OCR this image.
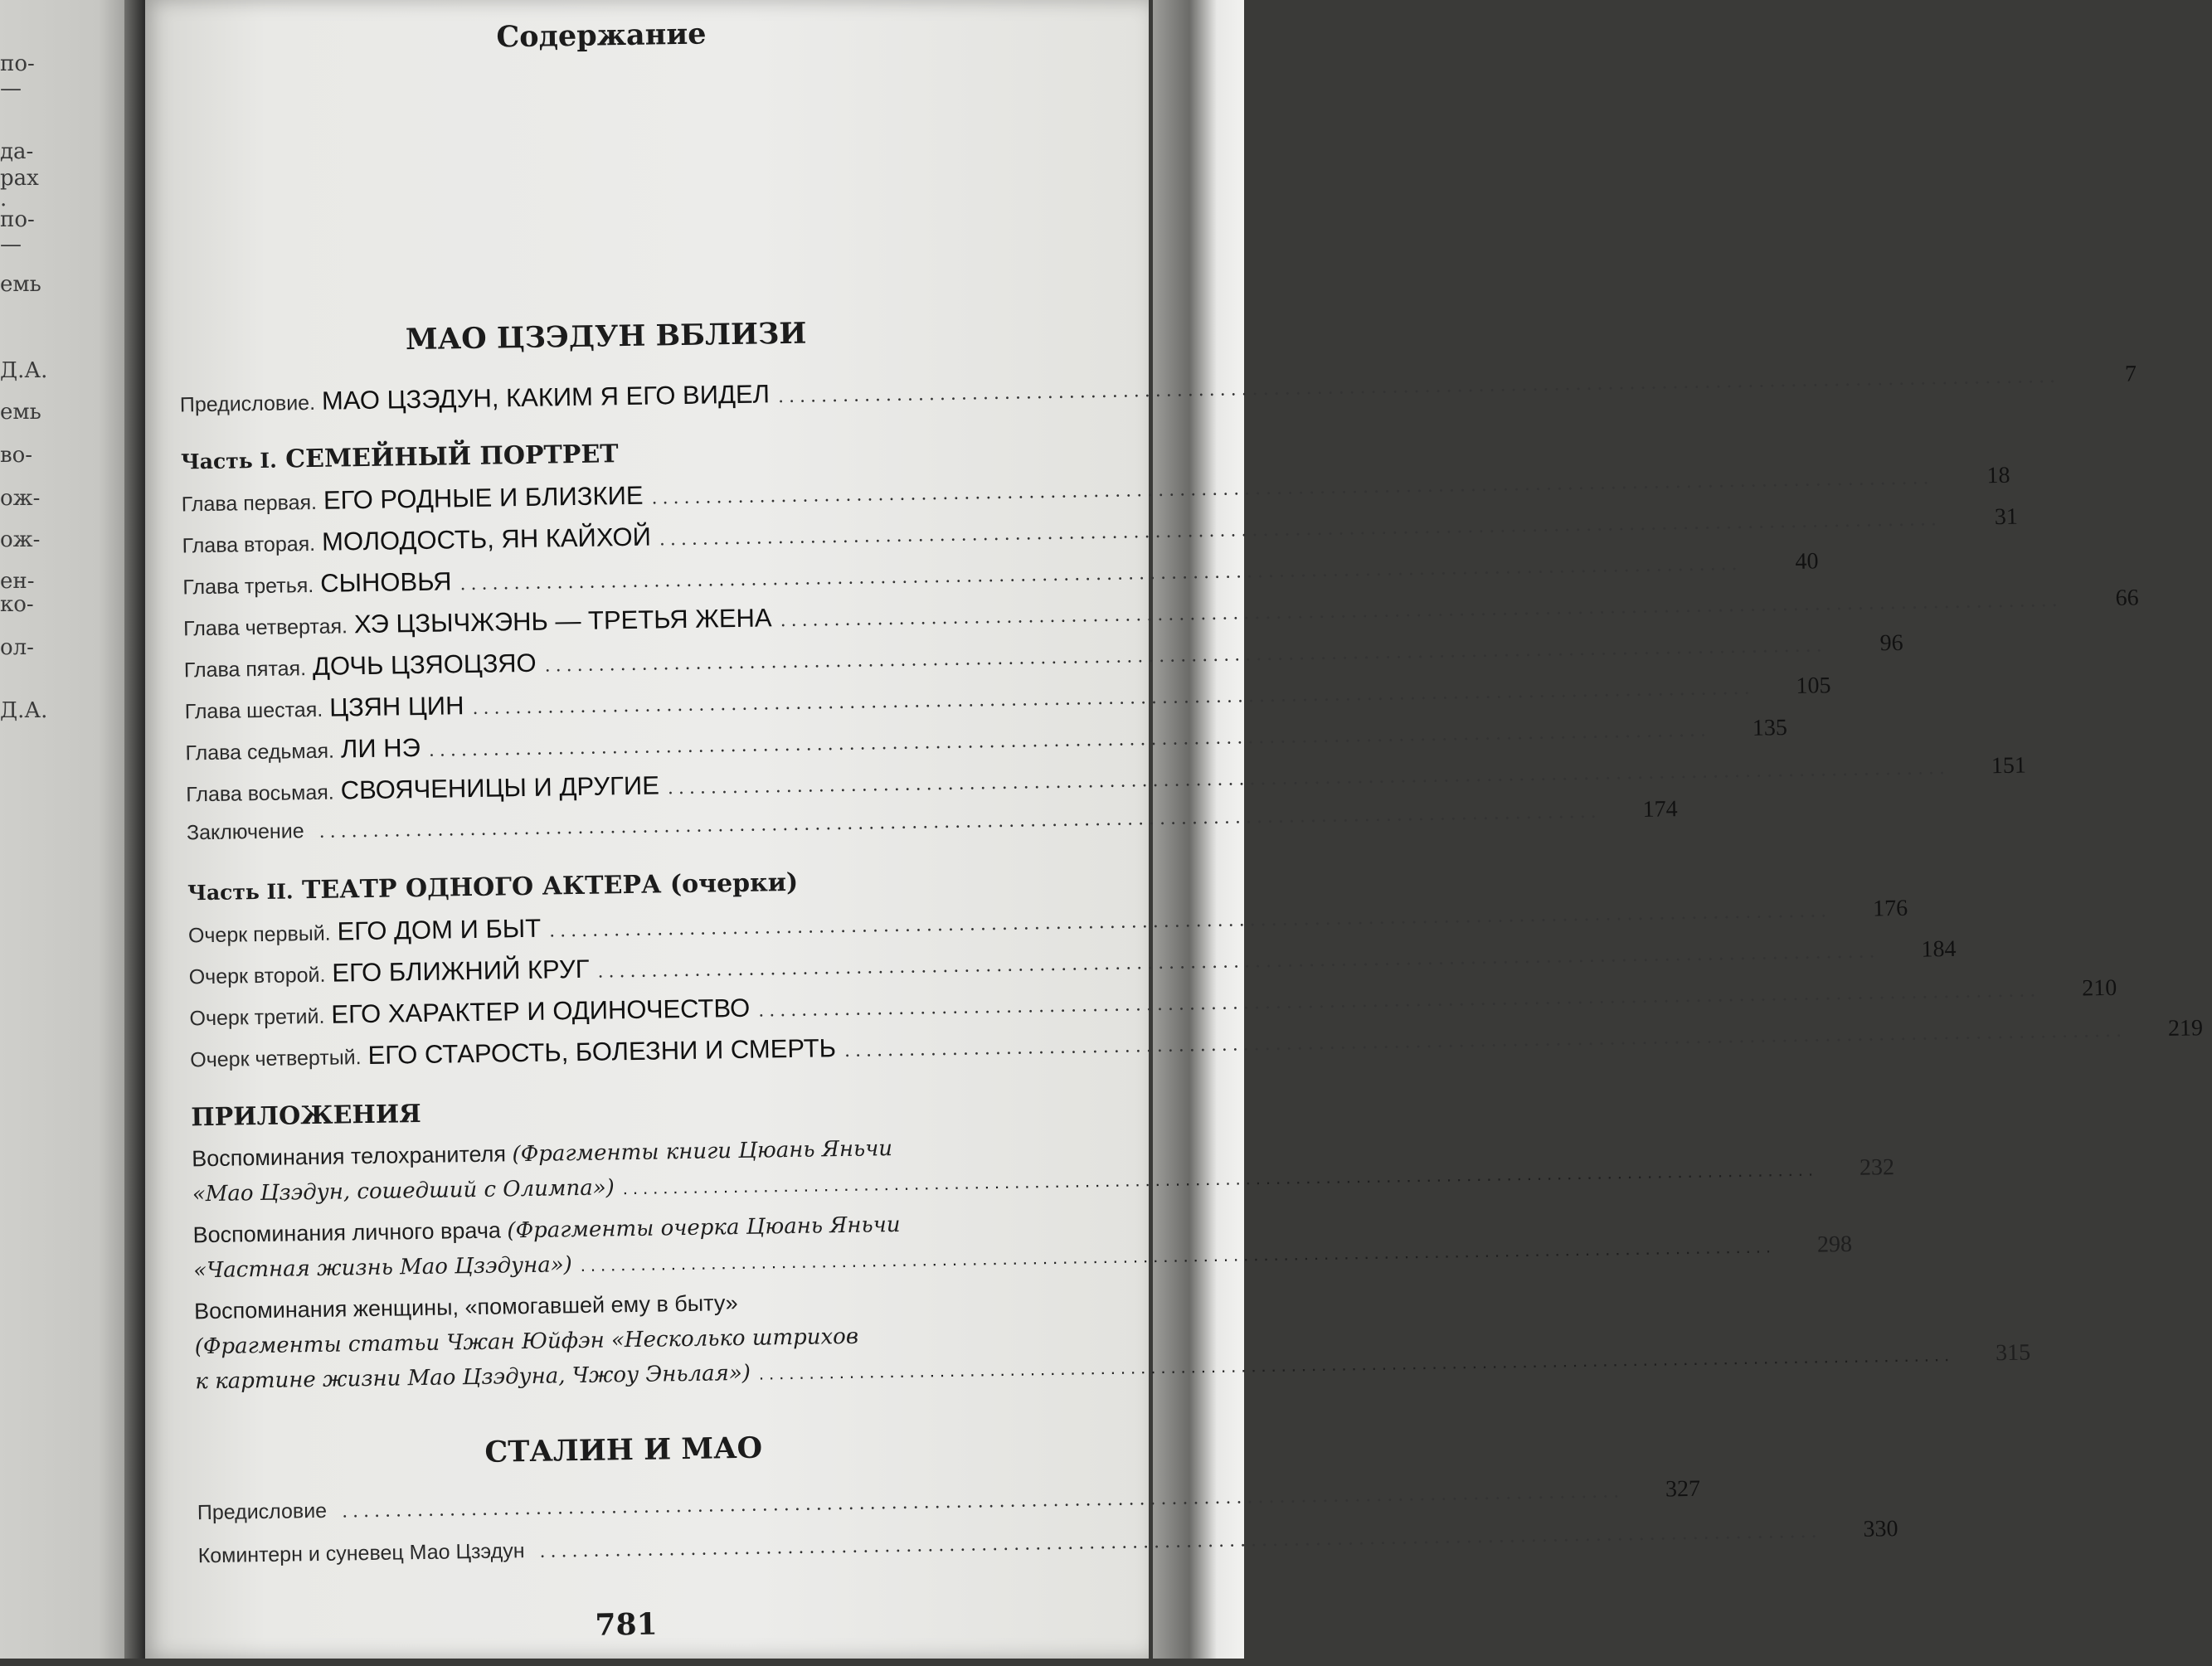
по-
—
да-
рах
.
по-
—
емь
Д.А.
емь
во-
ож-
ож-
ен-
ко-
ол-
Д.А.
Содержание
МАО ЦЗЭДУН ВБЛИЗИ
Предисловие. МАО ЦЗЭДУН, КАКИМ Я ЕГО ВИДЕЛ .......................................................................................................................	7
Часть I. СЕМЕЙНЫЙ ПОРТРЕТ
Глава первая. ЕГО РОДНЫЕ И БЛИЗКИЕ .......................................................................................................................	18
Глава вторая. МОЛОДОСТЬ, ЯН КАЙХОЙ .......................................................................................................................	31
Глава третья. СЫНОВЬЯ .......................................................................................................................	40
Глава четвертая. ХЭ ЦЗЫЧЖЭНЬ — ТРЕТЬЯ ЖЕНА .......................................................................................................................	66
Глава пятая. ДОЧЬ ЦЗЯОЦЗЯО .......................................................................................................................	96
Глава шестая. ЦЗЯН ЦИН .......................................................................................................................	105
Глава седьмая. ЛИ НЭ .......................................................................................................................	135
Глава восьмая. СВОЯЧЕНИЦЫ И ДРУГИЕ .......................................................................................................................	151
Заключение .......................................................................................................................	174
Часть II. ТЕАТР ОДНОГО АКТЕРА (очерки)
Очерк первый. ЕГО ДОМ И БЫТ .......................................................................................................................	176
Очерк второй. ЕГО БЛИЖНИЙ КРУГ .......................................................................................................................	184
Очерк третий. ЕГО ХАРАКТЕР И ОДИНОЧЕСТВО .......................................................................................................................	210
Очерк четвертый. ЕГО СТАРОСТЬ, БОЛЕЗНИ И СМЕРТЬ .......................................................................................................................	219
ПРИЛОЖЕНИЯ
Воспоминания телохранителя (Фрагменты книги Цюань Яньчи
«Мао Цзэдун, сошедший с Олимпа») .......................................................................................................................	232
Воспоминания личного врача (Фрагменты очерка Цюань Яньчи
«Частная жизнь Мао Цзэдуна») .......................................................................................................................	298
Воспоминания женщины, «помогавшей ему в быту»
(Фрагменты статьи Чжан Юйфэн «Несколько штрихов
к картине жизни Мао Цзэдуна, Чжоу Эньлая») .......................................................................................................................	315
СТАЛИН И МАО
Предисловие .......................................................................................................................	327
Коминтерн и суневец Мао Цзэдун .......................................................................................................................	330
781
